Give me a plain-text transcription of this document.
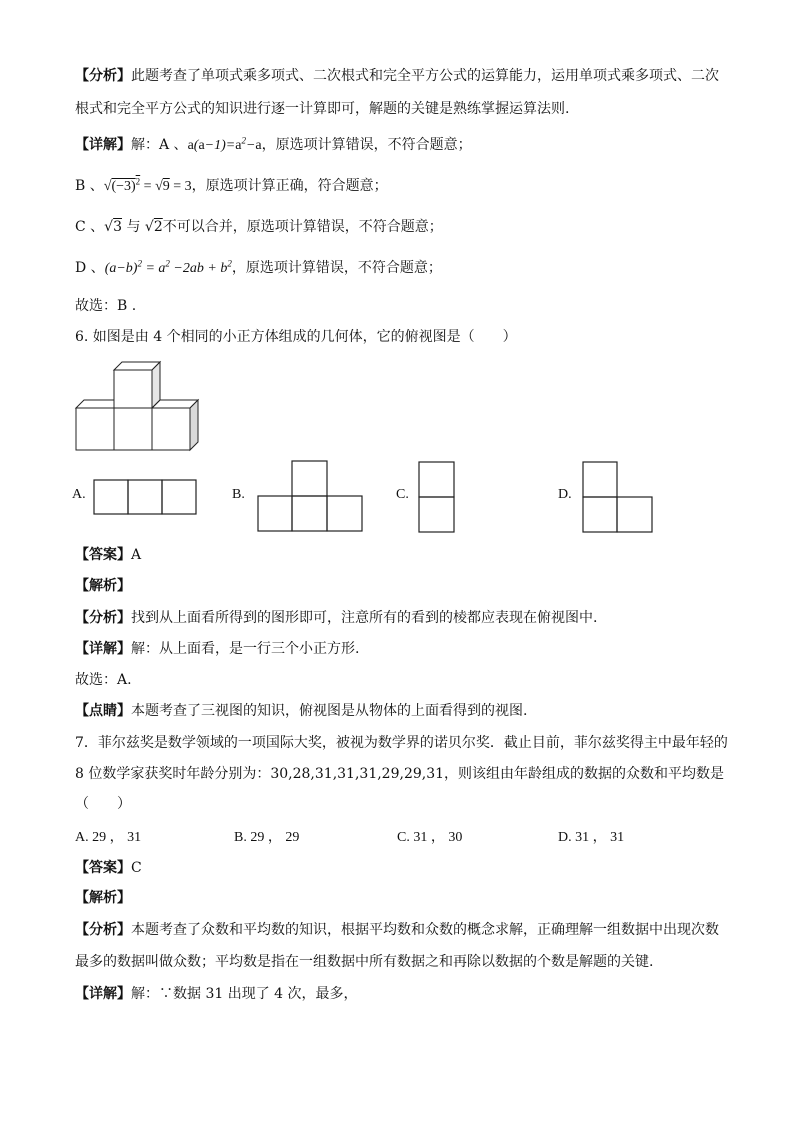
【分析】此题考查了单项式乘多项式、二次根式和完全平方公式的运算能力，运用单项式乘多项式、二次
根式和完全平方公式的知识进行逐一计算即可，解题的关键是熟练掌握运算法则.
【详解】解：A 、$a(a-1)=a^2-a$，原选项计算错误，不符合题意；
B 、$√(-3)^2 = √9 = 3$，原选项计算正确，符合题意；
C 、√3 与 √2不可以合并，原选项计算错误，不符合题意；
D 、$(a-b)^2 = a^2 -2ab + b^2$，原选项计算错误，不符合题意；
故选：B .
6. 如图是由 4 个相同的小正方体组成的几何体，它的俯视图是（　　）
A.	B.	C.	D.
【答案】A
【解析】
【分析】找到从上面看所得到的图形即可，注意所有的看到的棱都应表现在俯视图中.
【详解】解：从上面看，是一行三个小正方形.
故选：A.
【点睛】本题考查了三视图的知识，俯视图是从物体的上面看得到的视图.
7．菲尔兹奖是数学领域的一项国际大奖，被视为数学界的诺贝尔奖．截止目前，菲尔兹奖得主中最年轻的
8 位数学家获奖时年龄分别为：30,28,31,31,31,29,29,31，则该组由年龄组成的数据的众数和平均数是
（　　）
A. 29 ， 31	B. 29 ， 29	C. 31 ， 30	D. 31 ， 31
【答案】C
【解析】
【分析】本题考查了众数和平均数的知识，根据平均数和众数的概念求解，正确理解一组数据中出现次数
最多的数据叫做众数；平均数是指在一组数据中所有数据之和再除以数据的个数是解题的关键.
【详解】解：∵数据 31 出现了 4 次，最多，
